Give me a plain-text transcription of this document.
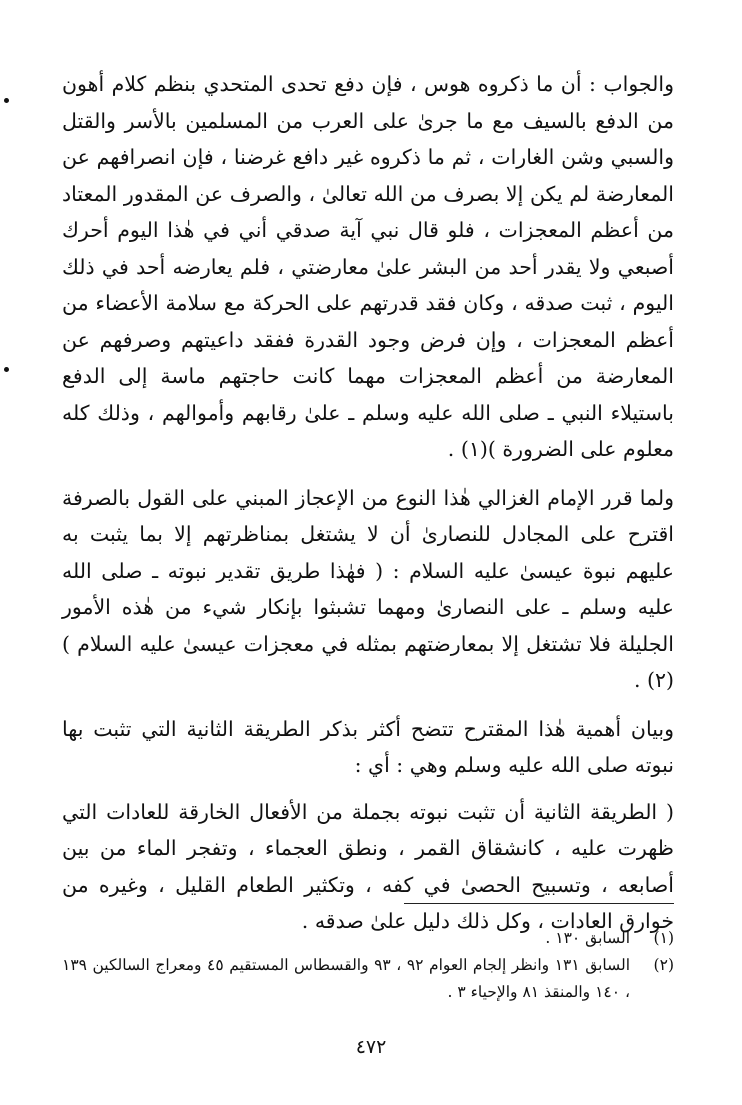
والجواب : أن ما ذكروه هوس ، فإن دفع تحدى المتحدي بنظم كلام أهون من الدفع بالسيف مع ما جرىٰ على العرب من المسلمين بالأسر والقتل والسبي وشن الغارات ، ثم ما ذكروه غير دافع غرضنا ، فإن انصرافهم عن المعارضة لم يكن إلا بصرف من الله تعالىٰ ، والصرف عن المقدور المعتاد من أعظم المعجزات ، فلو قال نبي آية صدقي أني في هٰذا اليوم أحرك أصبعي ولا يقدر أحد من البشر علىٰ معارضتي ، فلم يعارضه أحد في ذلك اليوم ، ثبت صدقه ، وكان فقد قدرتهم على الحركة مع سلامة الأعضاء من أعظم المعجزات ، وإن فرض وجود القدرة ففقد داعيتهم وصرفهم عن المعارضة من أعظم المعجزات مهما كانت حاجتهم ماسة إلى الدفع باستيلاء النبي ـ صلى الله عليه وسلم ـ علىٰ رقابهم وأموالهم ، وذلك كله معلوم على الضرورة )(١) .

ولما قرر الإمام الغزالي هٰذا النوع من الإعجاز المبني على القول بالصرفة اقترح على المجادل للنصارىٰ أن لا يشتغل بمناظرتهم إلا بما يثبت به عليهم نبوة عيسىٰ عليه السلام : ( فهٰذا طريق تقدير نبوته ـ صلى الله عليه وسلم ـ على النصارىٰ ومهما تشبثوا بإنكار شيء من هٰذه الأمور الجليلة فلا تشتغل إلا بمعارضتهم بمثله في معجزات عيسىٰ عليه السلام )(٢) .

وبيان أهمية هٰذا المقترح تتضح أكثر بذكر الطريقة الثانية التي تثبت بها نبوته صلى الله عليه وسلم وهي : أي :

( الطريقة الثانية أن تثبت نبوته بجملة من الأفعال الخارقة للعادات التي ظهرت عليه ، كانشقاق القمر ، ونطق العجماء ، وتفجر الماء من بين أصابعه ، وتسبيح الحصىٰ في كفه ، وتكثير الطعام القليل ، وغيره من خوارق العادات ، وكل ذلك دليل علىٰ صدقه .

(١)
السابق ١٣٠ .
(٢)
السابق ١٣١ وانظر إلجام العوام ٩٢ ، ٩٣ والقسطاس المستقيم ٤٥ ومعراج السالكين ١٣٩ ، ١٤٠ والمنقذ ٨١ والإحياء ٣ .
٤٧٢
